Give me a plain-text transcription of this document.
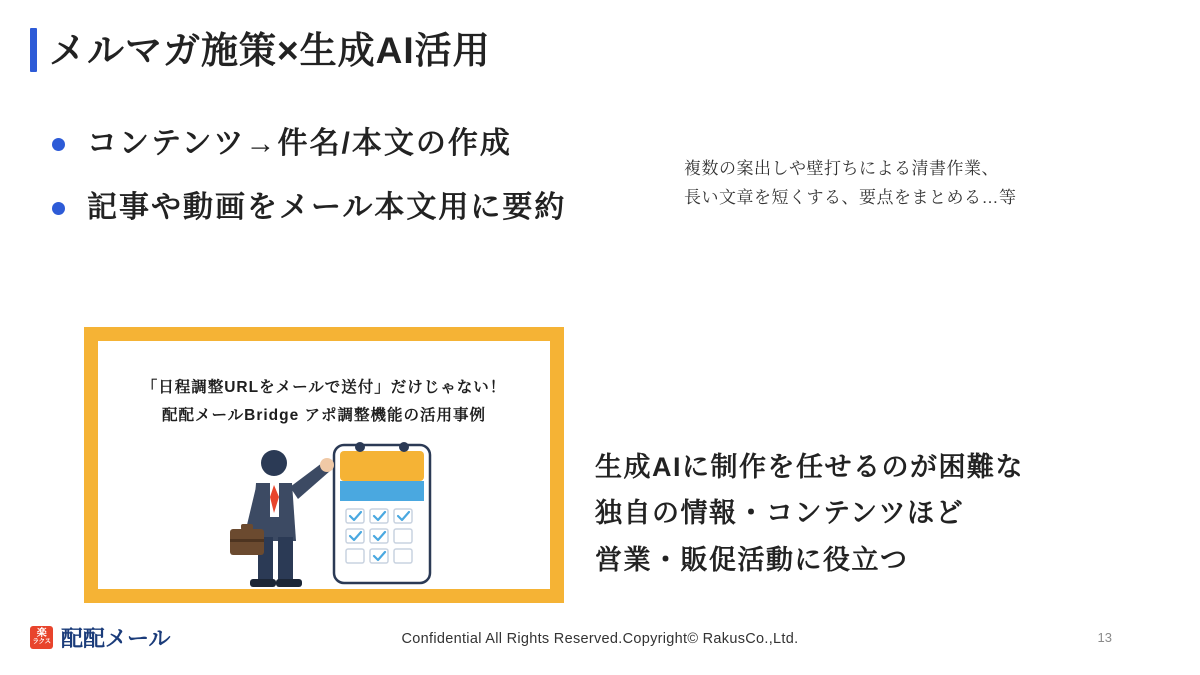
メルマガ施策×生成AI活用
コンテンツ→件名/本文の作成
記事や動画をメール本文用に要約
複数の案出しや壁打ちによる清書作業、
長い文章を短くする、要点をまとめる…等
「日程調整URLをメールで送付」だけじゃない！
配配メールBridge アポ調整機能の活用事例
生成AIに制作を任せるのが困難な
独自の情報・コンテンツほど
営業・販促活動に役立つ
楽
ラクス 配配メール	Confidential All Rights Reserved.Copyright© RakusCo.,Ltd.	13
